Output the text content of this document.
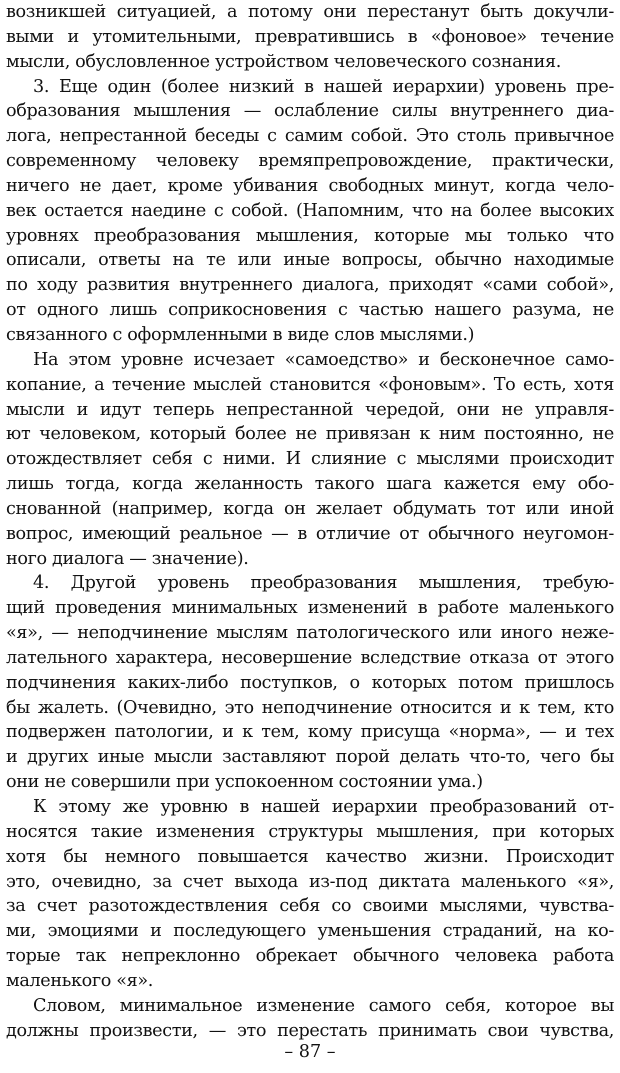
возникшей ситуацией, а потому они перестанут быть докучли-
выми и утомительными, превратившись в «фоновое» течение
мысли, обусловленное устройством человеческого сознания.
3. Еще один (более низкий в нашей иерархии) уровень пре-
образования мышления — ослабление силы внутреннего диа-
лога, непрестанной беседы с самим собой. Это столь привычное
современному человеку времяпрепровождение, практически,
ничего не дает, кроме убивания свободных минут, когда чело-
век остается наедине с собой. (Напомним, что на более высоких
уровнях преобразования мышления, которые мы только что
описали, ответы на те или иные вопросы, обычно находимые
по ходу развития внутреннего диалога, приходят «сами собой»,
от одного лишь соприкосновения с частью нашего разума, не
связанного с оформленными в виде слов мыслями.)
На этом уровне исчезает «самоедство» и бесконечное само-
копание, а течение мыслей становится «фоновым». То есть, хотя
мысли и идут теперь непрестанной чередой, они не управля-
ют человеком, который более не привязан к ним постоянно, не
отождествляет себя с ними. И слияние с мыслями происходит
лишь тогда, когда желанность такого шага кажется ему обо-
снованной (например, когда он желает обдумать тот или иной
вопрос, имеющий реальное — в отличие от обычного неугомон-
ного диалога — значение).
4. Другой уровень преобразования мышления, требую-
щий проведения минимальных изменений в работе маленького
«я», — неподчинение мыслям патологического или иного неже-
лательного характера, несовершение вследствие отказа от этого
подчинения каких-либо поступков, о которых потом пришлось
бы жалеть. (Очевидно, это неподчинение относится и к тем, кто
подвержен патологии, и к тем, кому присуща «норма», — и тех
и других иные мысли заставляют порой делать что-то, чего бы
они не совершили при успокоенном состоянии ума.)
К этому же уровню в нашей иерархии преобразований от-
носятся такие изменения структуры мышления, при которых
хотя бы немного повышается качество жизни. Происходит
это, очевидно, за счет выхода из-под диктата маленького «я»,
за счет разотождествления себя со своими мыслями, чувства-
ми, эмоциями и последующего уменьшения страданий, на ко-
торые так непреклонно обрекает обычного человека работа
маленького «я».
Словом, минимальное изменение самого себя, которое вы
должны произвести, — это перестать принимать свои чувства,
– 87 –
